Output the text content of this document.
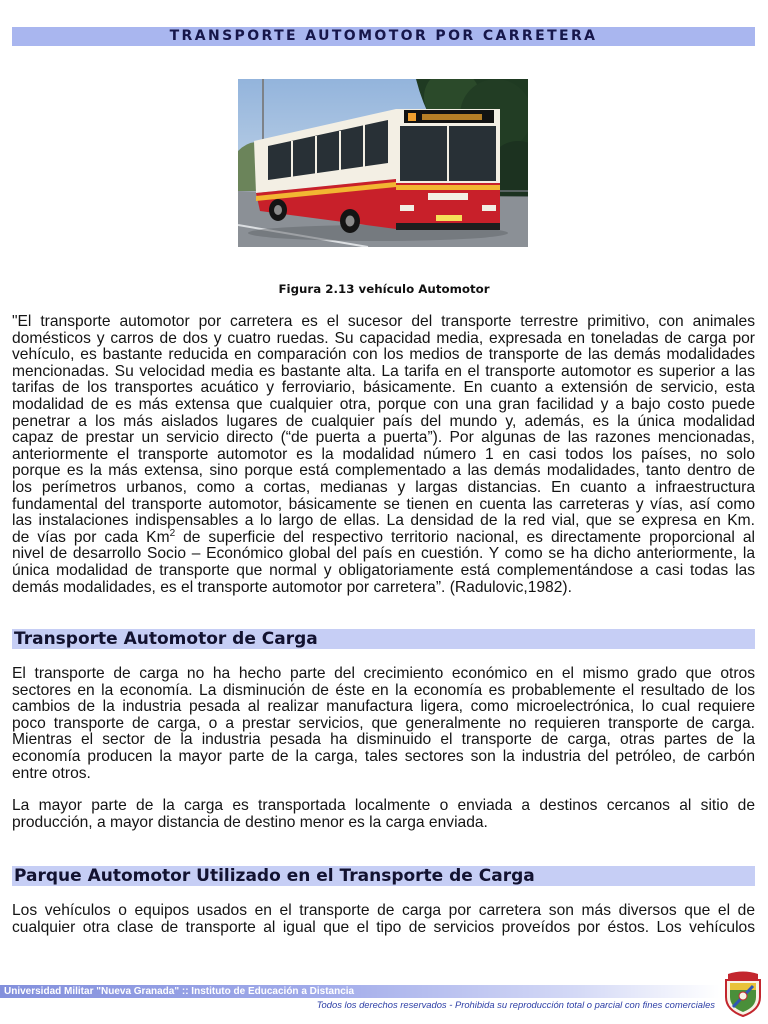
TRANSPORTE AUTOMOTOR POR CARRETERA
Figura 2.13 vehículo Automotor
"El transporte automotor por carretera es el sucesor del transporte terrestre primitivo, con animales
domésticos y carros de dos y cuatro ruedas. Su capacidad media, expresada en toneladas de carga por
vehículo, es bastante reducida en comparación con los medios de transporte de las demás modalidades
mencionadas. Su velocidad media es bastante alta. La tarifa en el transporte automotor es superior a las
tarifas de los transportes acuático y ferroviario, básicamente. En cuanto a extensión de servicio, esta
modalidad de es más extensa que cualquier otra, porque con una gran facilidad y a bajo costo puede
penetrar a los más aislados lugares de cualquier país del mundo y, además, es la única modalidad
capaz de prestar un servicio directo (“de puerta a puerta”). Por algunas de las razones mencionadas,
anteriormente el transporte automotor es la modalidad número 1 en casi todos los países, no solo
porque es la más extensa, sino porque está complementado a las demás modalidades, tanto dentro de
los perímetros urbanos, como a cortas, medianas y largas distancias. En cuanto a infraestructura
fundamental del transporte automotor, básicamente se tienen en cuenta las carreteras y vías, así como
las instalaciones indispensables a lo largo de ellas. La densidad de la red vial, que se expresa en Km.
de vías por cada Km$^2$ de superficie del respectivo territorio nacional, es directamente proporcional al
nivel de desarrollo Socio – Económico global del país en cuestión. Y como se ha dicho anteriormente, la
única modalidad de transporte que normal y obligatoriamente está complementándose a casi todas las
demás modalidades, es el transporte automotor por carretera”. (Radulovic,1982).
Transporte Automotor de Carga
El transporte de carga no ha hecho parte del crecimiento económico en el mismo grado que otros
sectores en la economía. La disminución de éste en la economía es probablemente el resultado de los
cambios de la industria pesada al realizar manufactura ligera, como microelectrónica, lo cual requiere
poco transporte de carga, o a prestar servicios, que generalmente no requieren transporte de carga.
Mientras el sector de la industria pesada ha disminuido el transporte de carga, otras partes de la
economía producen la mayor parte de la carga, tales sectores son la industria del petróleo, de carbón
entre otros.
La mayor parte de la carga es transportada localmente o enviada a destinos cercanos al sitio de
producción, a mayor distancia de destino menor es la carga enviada.
Parque Automotor Utilizado en el Transporte de Carga
Los vehículos o equipos usados en el transporte de carga por carretera son más diversos que el de
cualquier otra clase de transporte al igual que el tipo de servicios proveídos por éstos. Los vehículos
Universidad Militar "Nueva Granada" :: Instituto de Educación a Distancia
Todos los derechos reservados - Prohibida su reproducción total o parcial con fines comerciales
